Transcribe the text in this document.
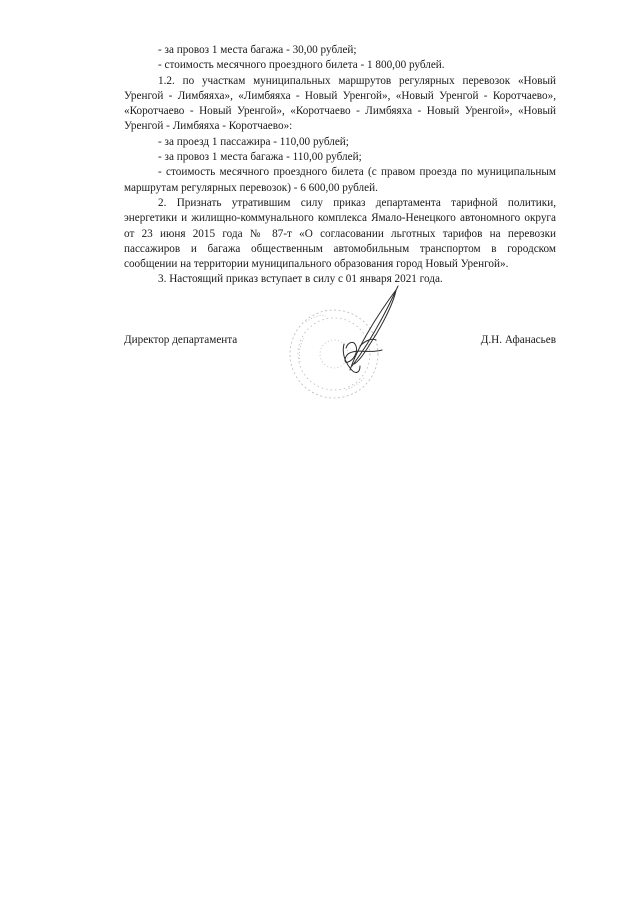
- за провоз 1 места багажа - 30,00 рублей;

- стоимость месячного проездного билета - 1 800,00 рублей.

1.2. по участкам муниципальных маршрутов регулярных перевозок «Новый Уренгой - Лимбяяха», «Лимбяяха - Новый Уренгой», «Новый Уренгой - Коротчаево», «Коротчаево - Новый Уренгой», «Коротчаево - Лимбяяха - Новый Уренгой», «Новый Уренгой - Лимбяяха - Коротчаево»:

- за проезд 1 пассажира - 110,00 рублей;

- за провоз 1 места багажа - 110,00 рублей;

- стоимость месячного проездного билета (с правом проезда по муниципальным маршрутам регулярных перевозок) - 6 600,00 рублей.

2. Признать утратившим силу приказ департамента тарифной политики, энергетики и жилищно-коммунального комплекса Ямало-Ненецкого автономного округа от 23 июня 2015 года № 87-т «О согласовании льготных тарифов на перевозки пассажиров и багажа общественным автомобильным транспортом в городском сообщении на территории муниципального образования город Новый Уренгой».

3. Настоящий приказ вступает в силу с 01 января 2021 года.

Директор департамента	Д.Н. Афанасьев
